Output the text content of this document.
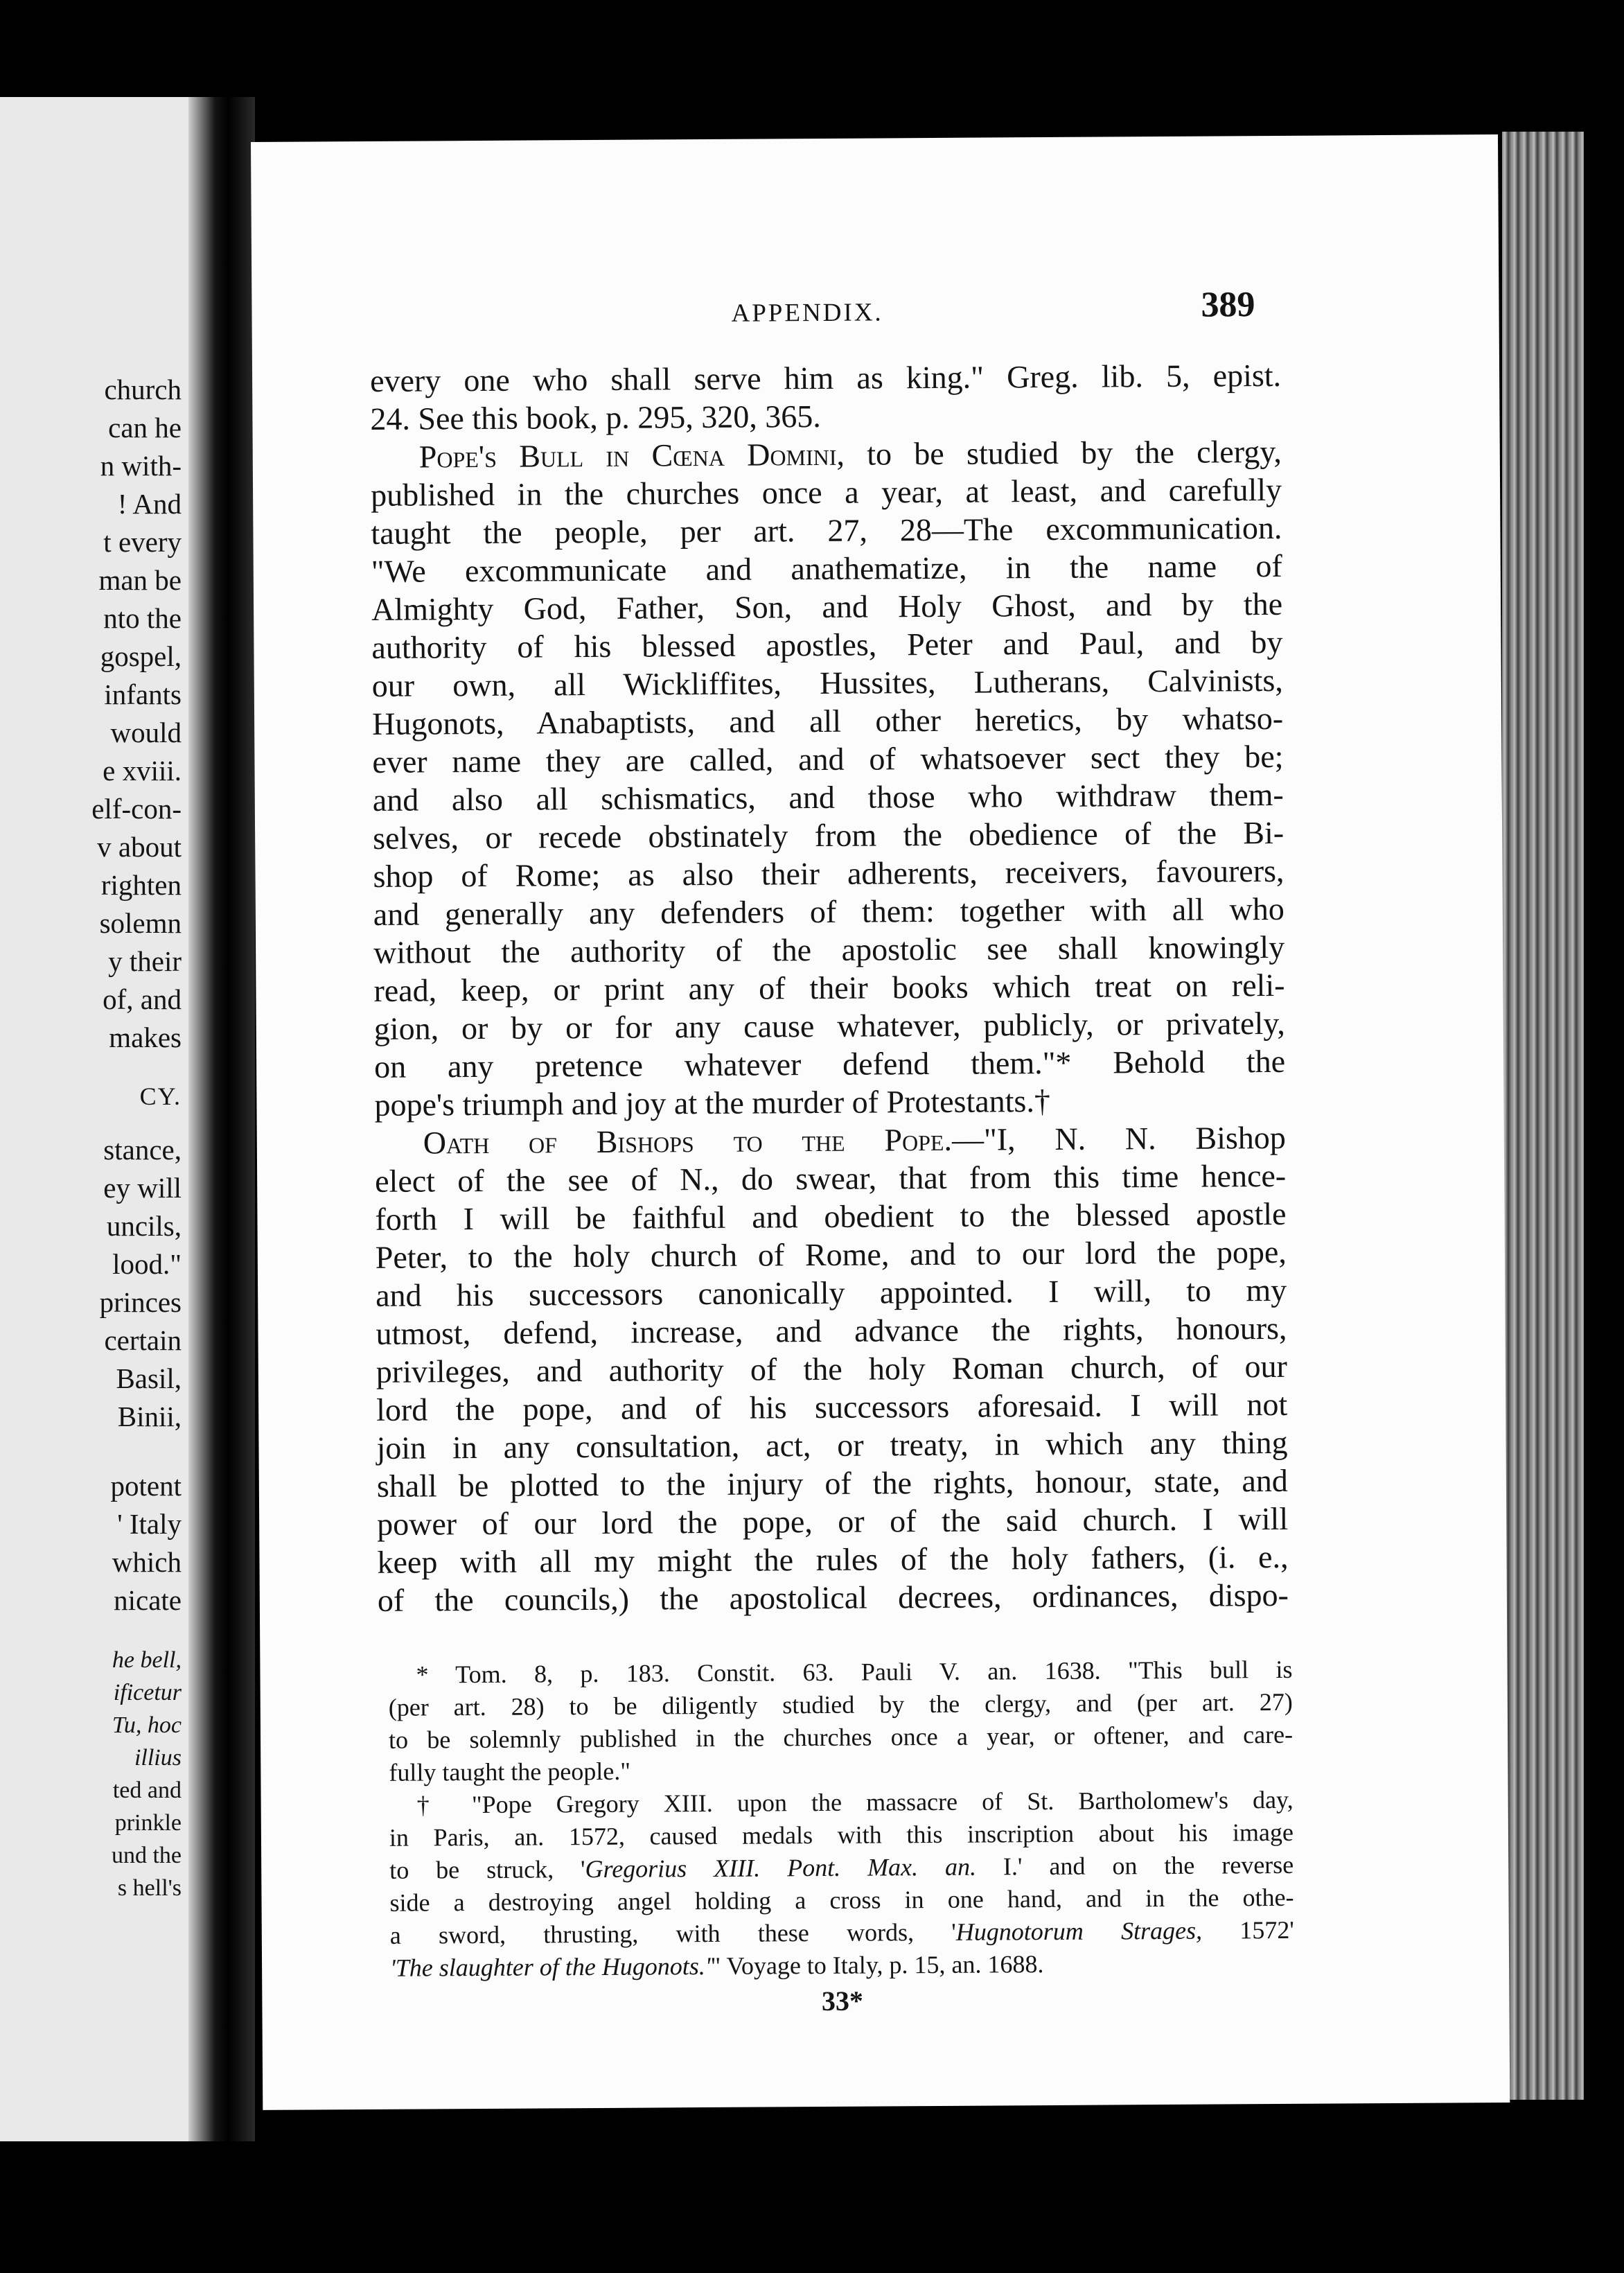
church
can he
n with-
! And
t every
man be
nto the
gospel,
infants
would
e xviii.
elf-con-
v about
righten
solemn
y their
of, and
makes
CY.
stance,
ey will
uncils,
lood."
princes
certain
Basil,
Binii,
potent
' Italy
which
nicate
he bell,
ificetur
Tu, hoc
illius
ted and
prinkle
und the
s hell's
APPENDIX.	389
every one who shall serve him as king." Greg. lib. 5, epist.
24. See this book, p. 295, 320, 365.
Pope's Bull in Cœna Domini, to be studied by the clergy,
published in the churches once a year, at least, and carefully
taught the people, per art. 27, 28—The excommunication.
"We excommunicate and anathematize, in the name of
Almighty God, Father, Son, and Holy Ghost, and by the
authority of his blessed apostles, Peter and Paul, and by
our own, all Wickliffites, Hussites, Lutherans, Calvinists,
Hugonots, Anabaptists, and all other heretics, by whatso-
ever name they are called, and of whatsoever sect they be;
and also all schismatics, and those who withdraw them-
selves, or recede obstinately from the obedience of the Bi-
shop of Rome; as also their adherents, receivers, favourers,
and generally any defenders of them: together with all who
without the authority of the apostolic see shall knowingly
read, keep, or print any of their books which treat on reli-
gion, or by or for any cause whatever, publicly, or privately,
on any pretence whatever defend them."* Behold the
pope's triumph and joy at the murder of Protestants.†
Oath of Bishops to the Pope.—"I, N. N. Bishop
elect of the see of N., do swear, that from this time hence-
forth I will be faithful and obedient to the blessed apostle
Peter, to the holy church of Rome, and to our lord the pope,
and his successors canonically appointed. I will, to my
utmost, defend, increase, and advance the rights, honours,
privileges, and authority of the holy Roman church, of our
lord the pope, and of his successors aforesaid. I will not
join in any consultation, act, or treaty, in which any thing
shall be plotted to the injury of the rights, honour, state, and
power of our lord the pope, or of the said church. I will
keep with all my might the rules of the holy fathers, (i. e.,
of the councils,) the apostolical decrees, ordinances, dispo-
* Tom. 8, p. 183. Constit. 63. Pauli V. an. 1638. "This bull is
(per art. 28) to be diligently studied by the clergy, and (per art. 27)
to be solemnly published in the churches once a year, or oftener, and care-
fully taught the people."
† "Pope Gregory XIII. upon the massacre of St. Bartholomew's day,
in Paris, an. 1572, caused medals with this inscription about his image
to be struck, 'Gregorius XIII. Pont. Max. an. I.' and on the reverse
side a destroying angel holding a cross in one hand, and in the othe-
a sword, thrusting, with these words, 'Hugnotorum Strages, 1572'
'The slaughter of the Hugonots.'" Voyage to Italy, p. 15, an. 1688.
33*
